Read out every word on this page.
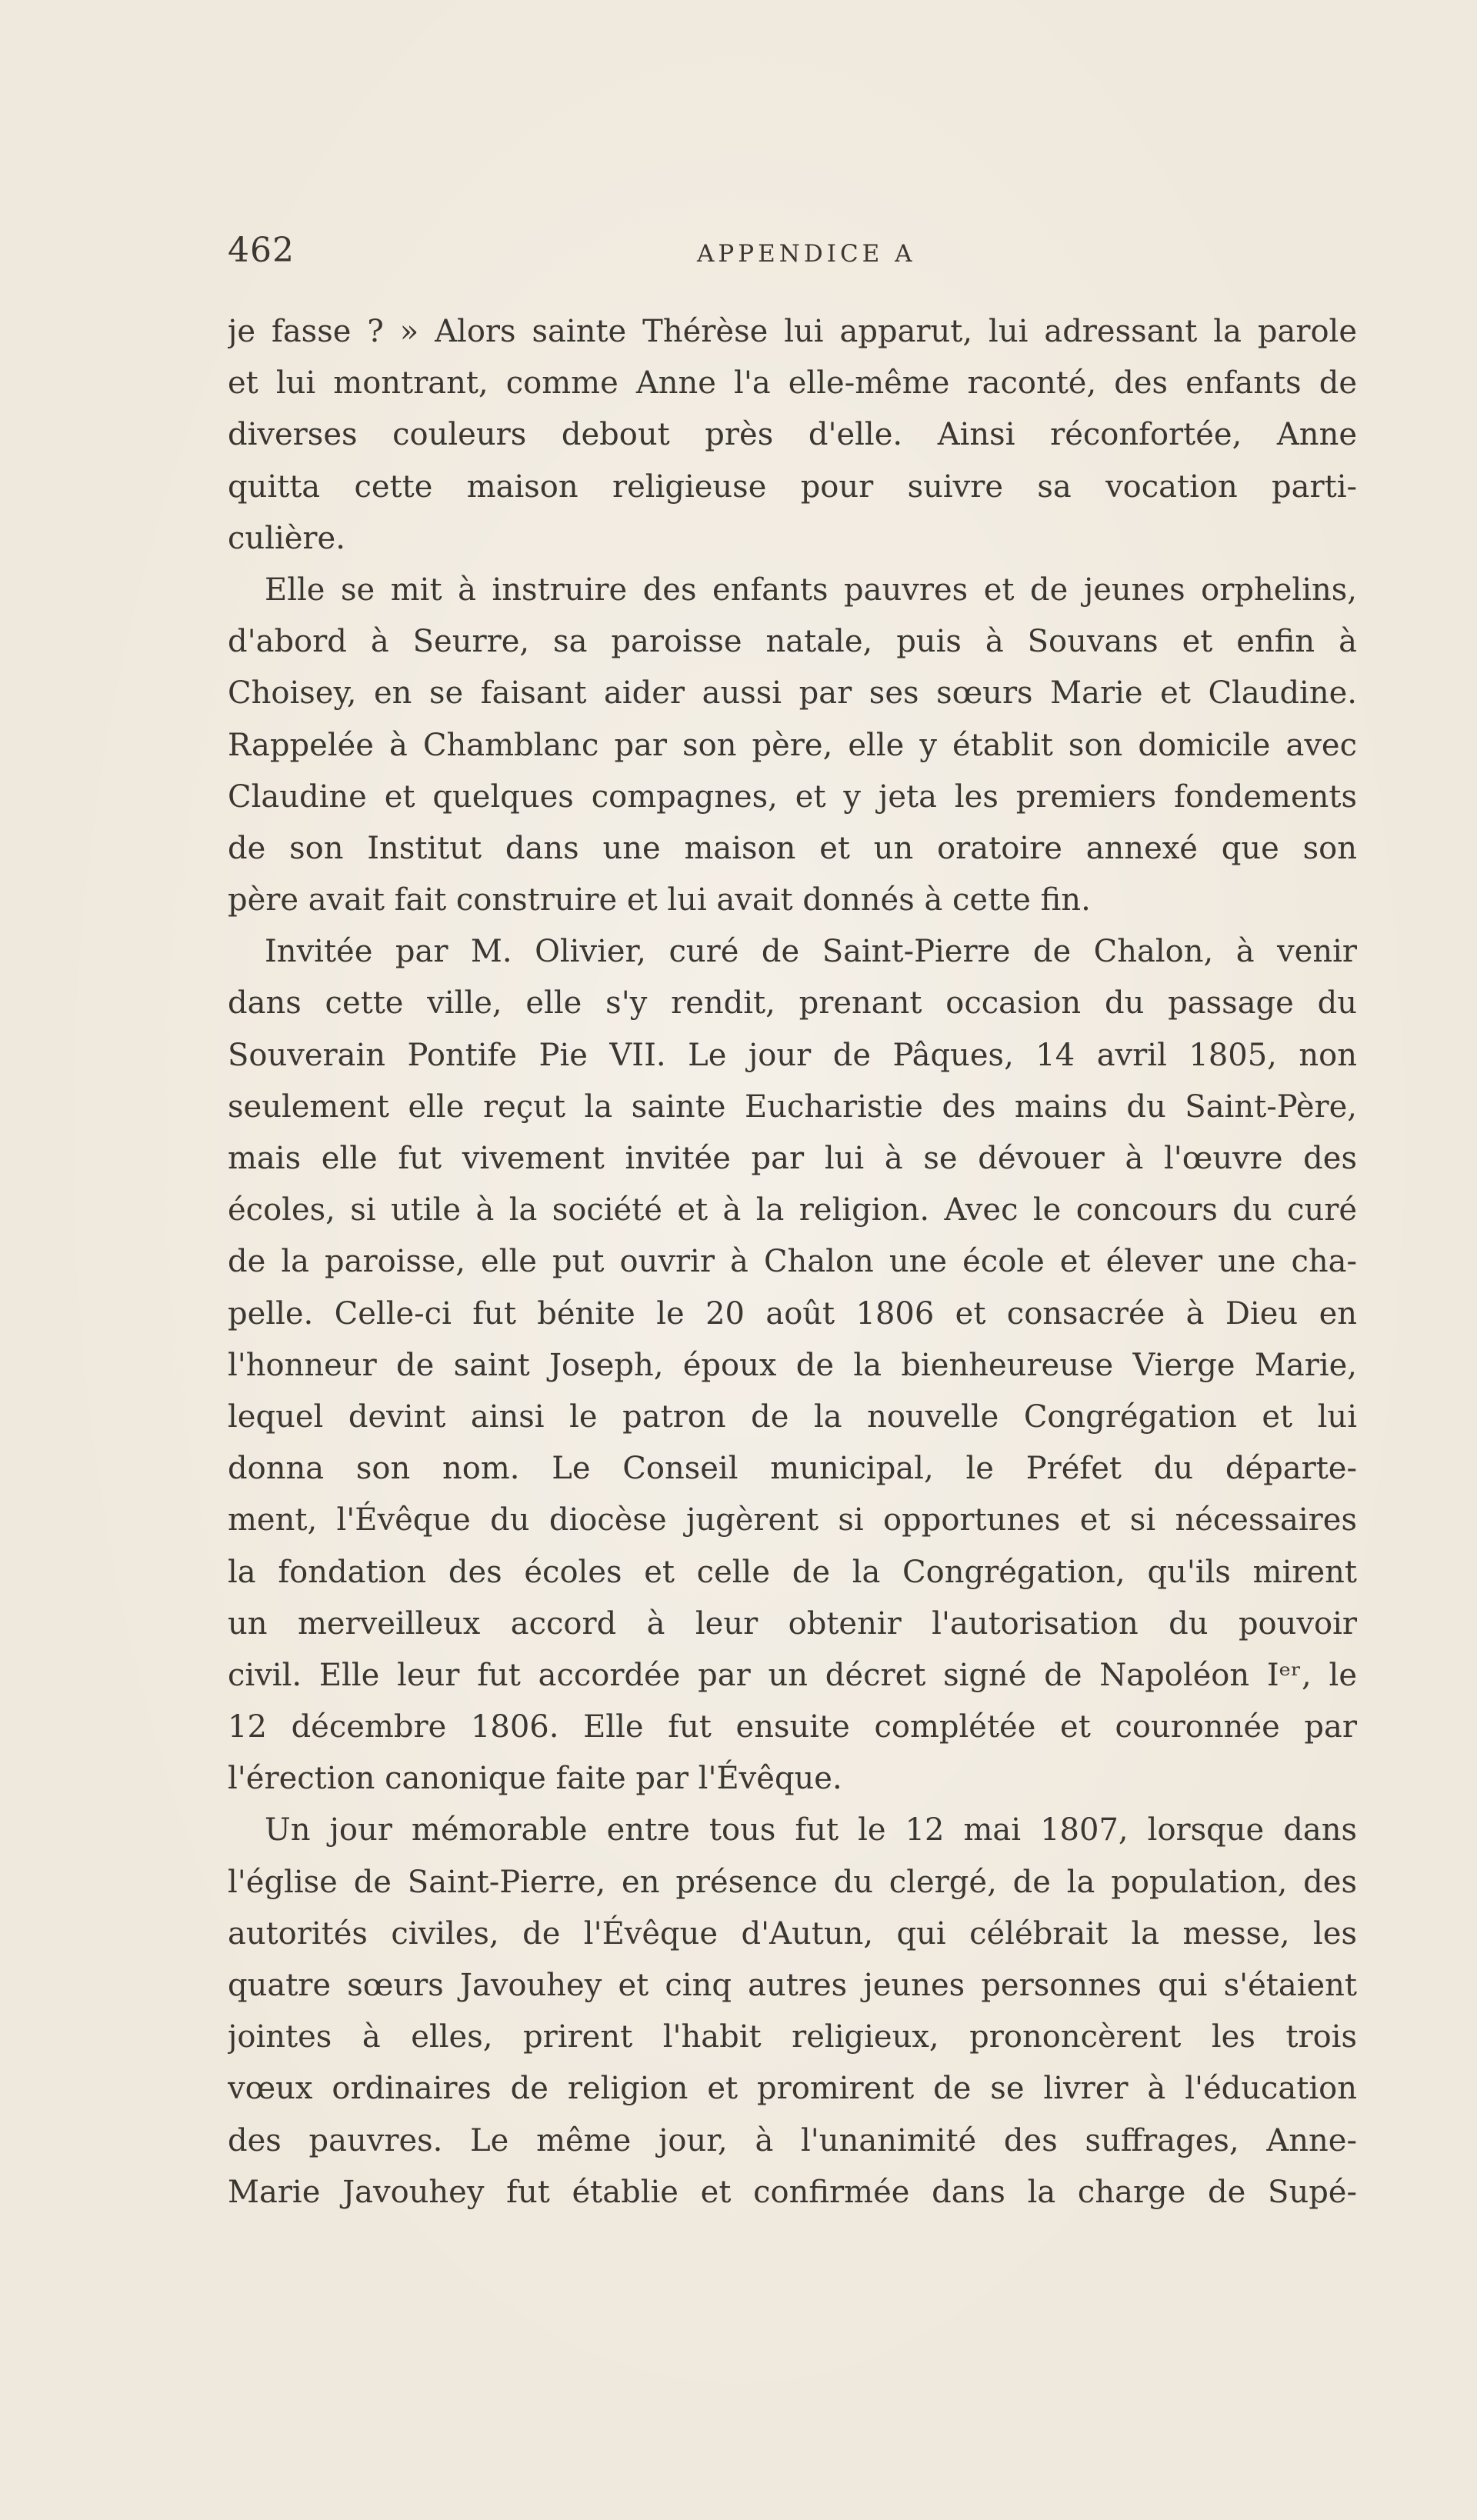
462	APPENDICE A
je fasse ? » Alors sainte Thérèse lui apparut, lui adressant la parole
et lui montrant, comme Anne l'a elle-même raconté, des enfants de
diverses couleurs debout près d'elle. Ainsi réconfortée, Anne
quitta cette maison religieuse pour suivre sa vocation parti-
culière.
Elle se mit à instruire des enfants pauvres et de jeunes orphelins,
d'abord à Seurre, sa paroisse natale, puis à Souvans et enfin à
Choisey, en se faisant aider aussi par ses sœurs Marie et Claudine.
Rappelée à Chamblanc par son père, elle y établit son domicile avec
Claudine et quelques compagnes, et y jeta les premiers fondements
de son Institut dans une maison et un oratoire annexé que son
père avait fait construire et lui avait donnés à cette fin.
Invitée par M. Olivier, curé de Saint-Pierre de Chalon, à venir
dans cette ville, elle s'y rendit, prenant occasion du passage du
Souverain Pontife Pie VII. Le jour de Pâques, 14 avril 1805, non
seulement elle reçut la sainte Eucharistie des mains du Saint-Père,
mais elle fut vivement invitée par lui à se dévouer à l'œuvre des
écoles, si utile à la société et à la religion. Avec le concours du curé
de la paroisse, elle put ouvrir à Chalon une école et élever une cha-
pelle. Celle-ci fut bénite le 20 août 1806 et consacrée à Dieu en
l'honneur de saint Joseph, époux de la bienheureuse Vierge Marie,
lequel devint ainsi le patron de la nouvelle Congrégation et lui
donna son nom. Le Conseil municipal, le Préfet du départe-
ment, l'Évêque du diocèse jugèrent si opportunes et si nécessaires
la fondation des écoles et celle de la Congrégation, qu'ils mirent
un merveilleux accord à leur obtenir l'autorisation du pouvoir
civil. Elle leur fut accordée par un décret signé de Napoléon Iᵉʳ, le
12 décembre 1806. Elle fut ensuite complétée et couronnée par
l'érection canonique faite par l'Évêque.
Un jour mémorable entre tous fut le 12 mai 1807, lorsque dans
l'église de Saint-Pierre, en présence du clergé, de la population, des
autorités civiles, de l'Évêque d'Autun, qui célébrait la messe, les
quatre sœurs Javouhey et cinq autres jeunes personnes qui s'étaient
jointes à elles, prirent l'habit religieux, prononcèrent les trois
vœux ordinaires de religion et promirent de se livrer à l'éducation
des pauvres. Le même jour, à l'unanimité des suffrages, Anne-
Marie Javouhey fut établie et confirmée dans la charge de Supé-
